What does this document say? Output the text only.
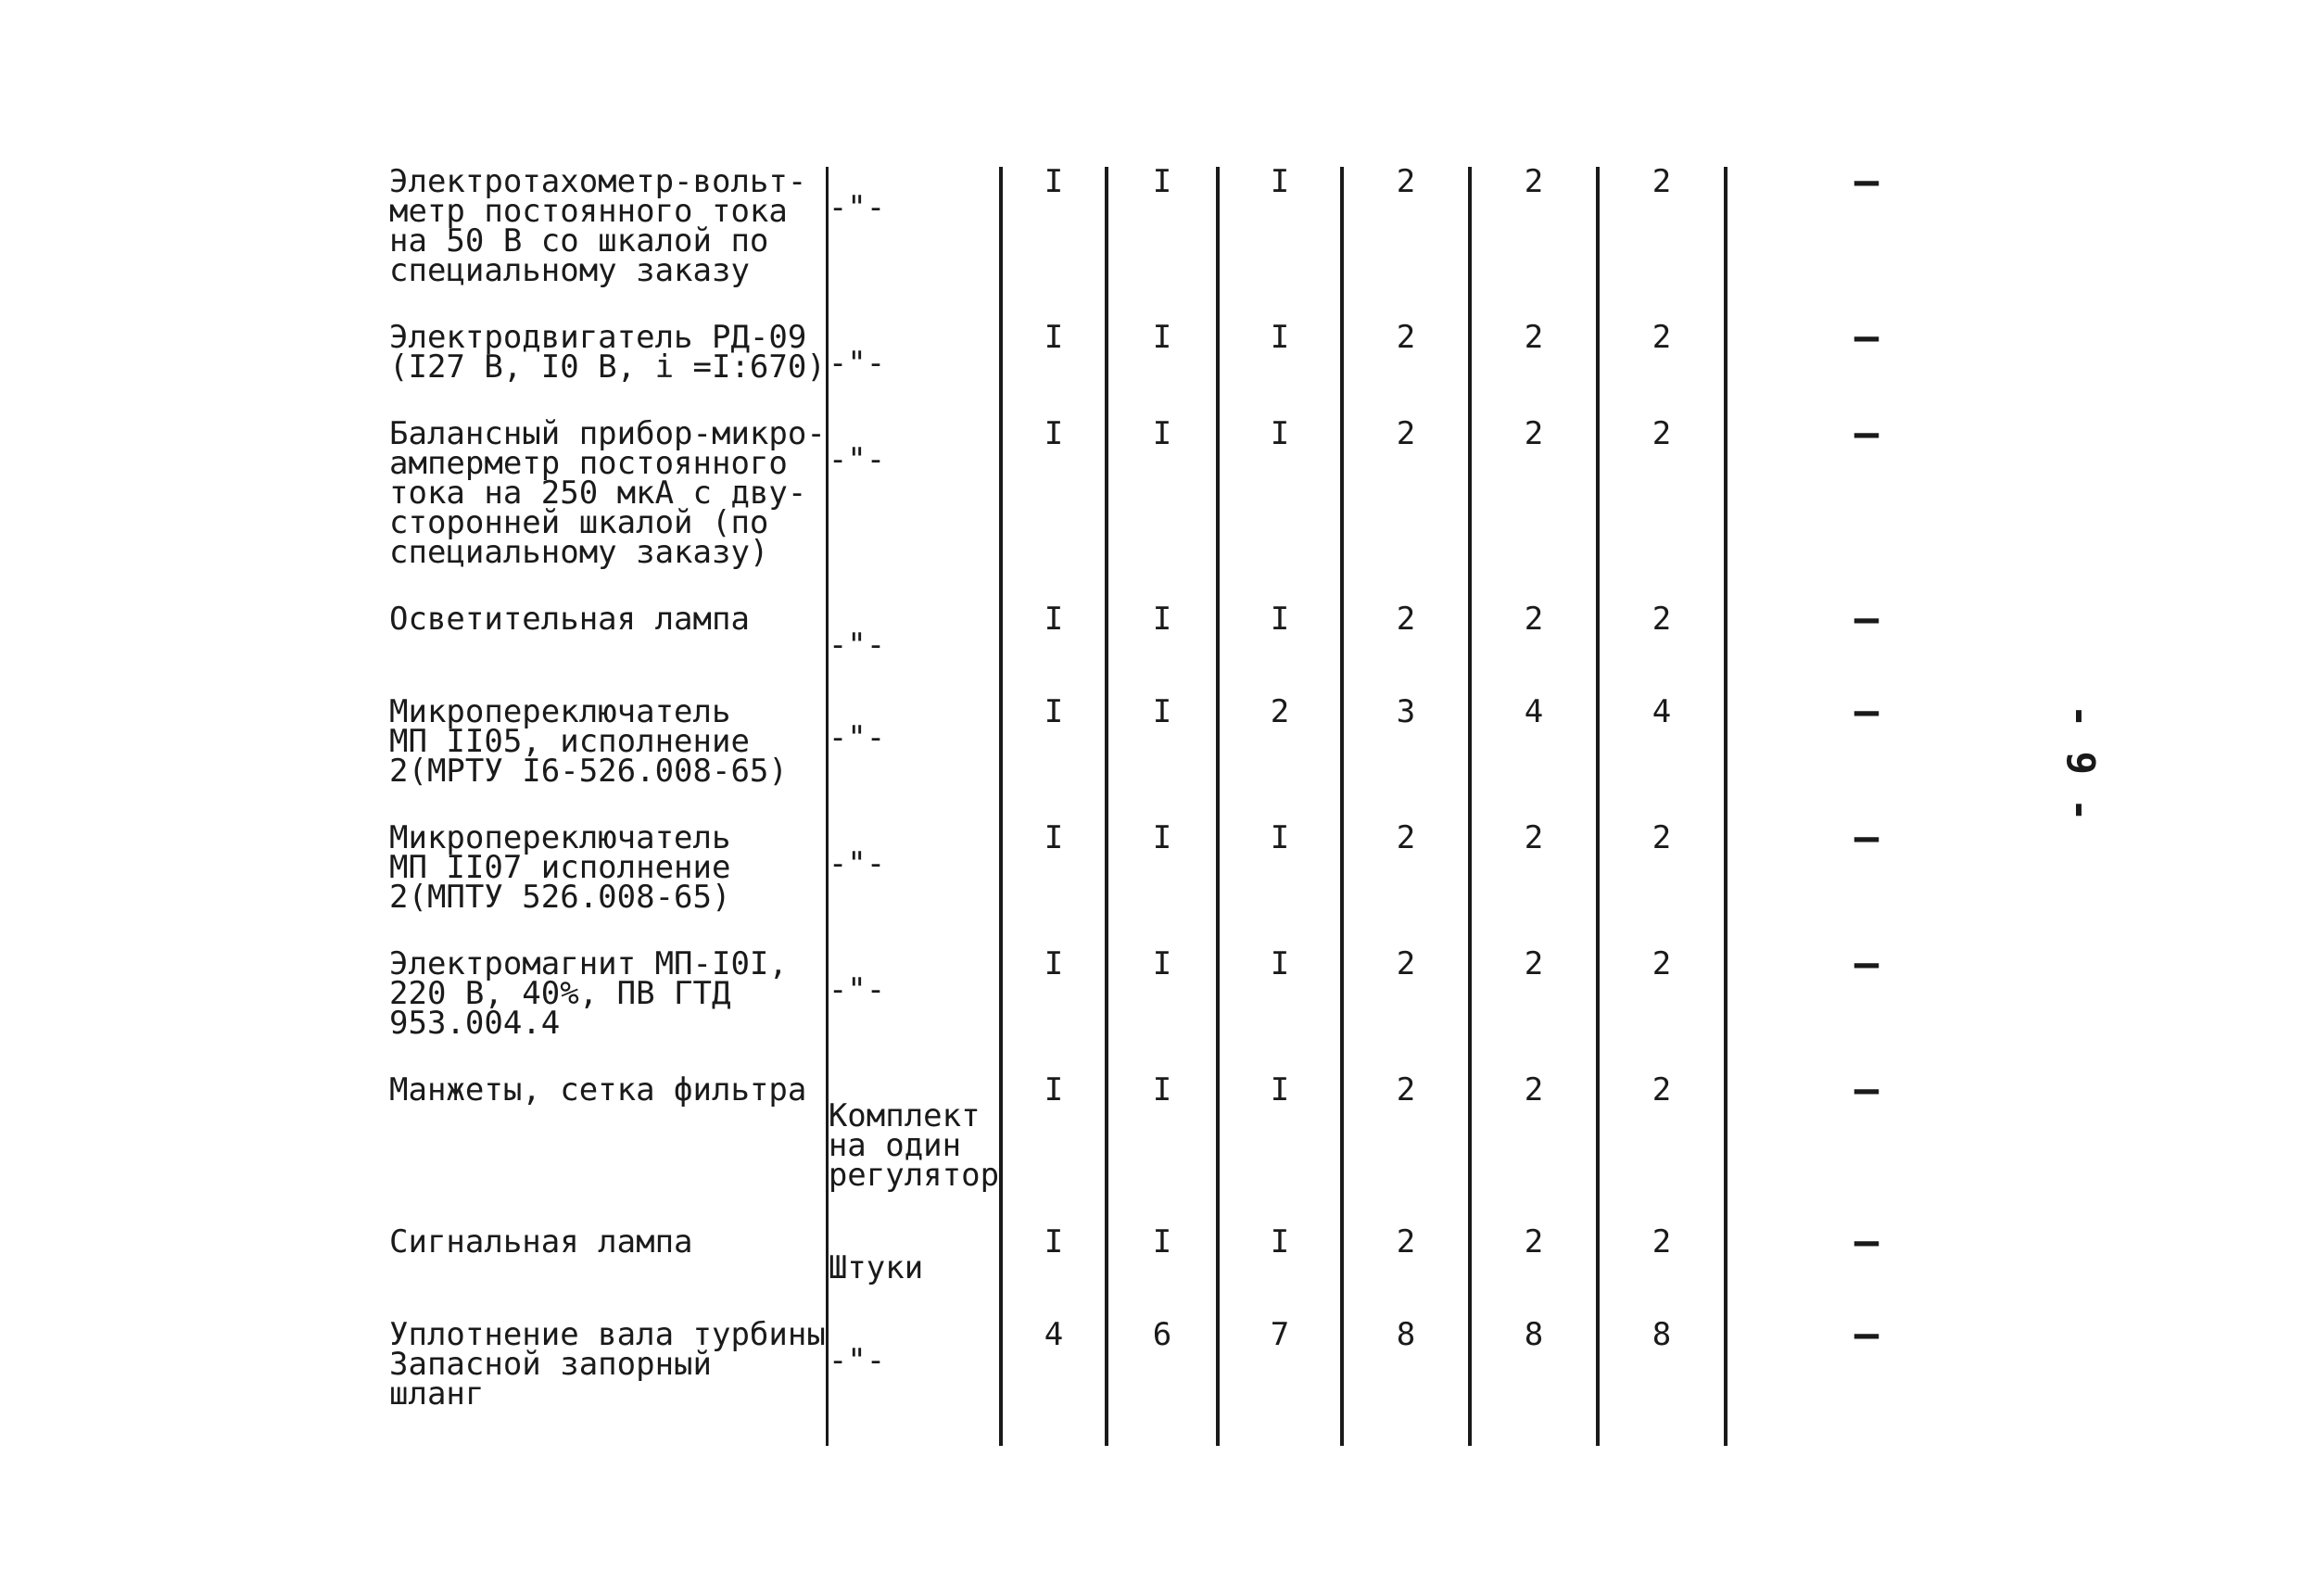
Электротахометр-вольт-
метр постоянного тока
на 50 В со шкалой по
специальному заказу	-"-	I	I	I	2	2	2	—

Электродвигатель РД-09
(I27 В, I0 В, i =I:670)	-"-	I	I	I	2	2	2	—

Балансный прибор-микро-
амперметр постоянного
тока на 250 мкА с дву-
сторонней шкалой (по
специальному заказу)	-"-	I	I	I	2	2	2	—

Осветительная лампа	-"-	I	I	I	2	2	2	—

Микропереключатель
МП II05, исполнение
2(МРТУ I6-526.008-65)	-"-	I	I	2	3	4	4	—

Микропереключатель
МП II07 исполнение
2(МПТУ 526.008-65)	-"-	I	I	I	2	2	2	—

Электромагнит МП-I0I,
220 В, 40%, ПВ ГТД
953.004.4	-"-	I	I	I	2	2	2	—

Манжеты, сетка фильтра	Комплект
на один
регулятор	I	I	I	2	2	2	—

Сигнальная лампа	Штуки	I	I	I	2	2	2	—

Уплотнение вала турбины
Запасной запорный
шланг	-"-	4	6	7	8	8	8	—
- 9 -
